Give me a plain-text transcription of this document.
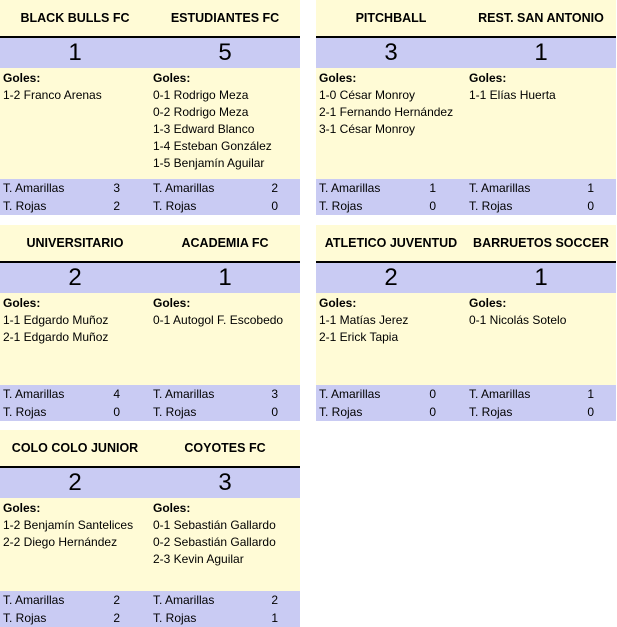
BLACK BULLS FC	ESTUDIANTES FC
1	5
Goles:
1-2 Franco Arenas
Goles:
0-1 Rodrigo Meza
0-2 Rodrigo Meza
1-3 Edward Blanco
1-4 Esteban González
1-5 Benjamín Aguilar
T. Amarillas	3	T. Amarillas	2
T. Rojas	2	T. Rojas	0
PITCHBALL	REST. SAN ANTONIO
3	1
Goles:
1-0 César Monroy
2-1 Fernando Hernández
3-1 César Monroy
Goles:
1-1 Elías Huerta
T. Amarillas	1	T. Amarillas	1
T. Rojas	0	T. Rojas	0
UNIVERSITARIO	ACADEMIA FC
2	1
Goles:
1-1 Edgardo Muñoz
2-1 Edgardo Muñoz
Goles:
0-1 Autogol F. Escobedo
T. Amarillas	4	T. Amarillas	3
T. Rojas	0	T. Rojas	0
ATLETICO JUVENTUD	BARRUETOS SOCCER
2	1
Goles:
1-1 Matías Jerez
2-1 Erick Tapia
Goles:
0-1 Nicolás Sotelo
T. Amarillas	0	T. Amarillas	1
T. Rojas	0	T. Rojas	0
COLO COLO JUNIOR	COYOTES FC
2	3
Goles:
1-2 Benjamín Santelices
2-2 Diego Hernández
Goles:
0-1 Sebastián Gallardo
0-2 Sebastián Gallardo
2-3 Kevin Aguilar
T. Amarillas	2	T. Amarillas	2
T. Rojas	2	T. Rojas	1
